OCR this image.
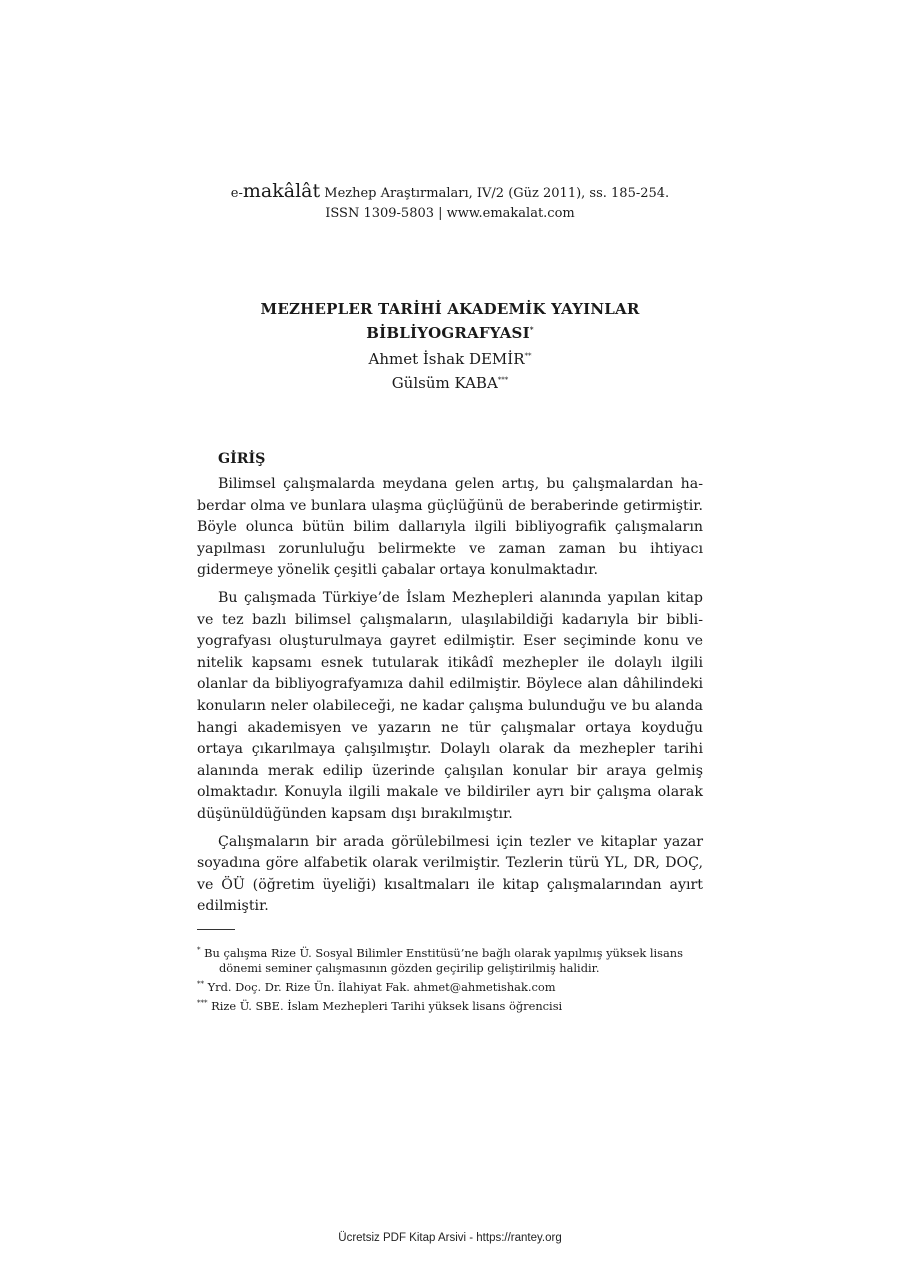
e-makâlât Mezhep Araştırmaları, IV/2 (Güz 2011), ss. 185-254.
ISSN 1309-5803 | www.emakalat.com
MEZHEPLER TARİHİ AKADEMİK YAYINLAR
BİBLİYOGRAFYASI*
Ahmet İshak DEMİR**
Gülsüm KABA***
GİRİŞ

Bilimsel çalışmalarda meydana gelen artış, bu çalışmalardan haberdar olma ve bunlara ulaşma güçlüğünü de beraberinde getirmiştir. Böyle olunca bütün bilim dallarıyla ilgili bibliyografik çalışmaların yapılması zorunluluğu belirmekte ve zaman zaman bu ihtiyacı gidermeye yönelik çeşitli çabalar ortaya konulmaktadır.

Bu çalışmada Türkiye’de İslam Mezhepleri alanında yapılan kitap ve tez bazlı bilimsel çalışmaların, ulaşılabildiği kadarıyla bir bibliyografyası oluşturulmaya gayret edilmiştir. Eser seçiminde konu ve nitelik kapsamı esnek tutularak itikâdî mezhepler ile dolaylı ilgili olanlar da bibliyografyamıza dahil edilmiştir. Böylece alan dâhilindeki konuların neler olabileceği, ne kadar çalışma bulunduğu ve bu alanda hangi akademisyen ve yazarın ne tür çalışmalar ortaya koyduğu ortaya çıkarılmaya çalışılmıştır. Dolaylı olarak da mezhepler tarihi alanında merak edilip üzerinde çalışılan konular bir araya gelmiş olmaktadır. Konuyla ilgili makale ve bildiriler ayrı bir çalışma olarak düşünüldüğünden kapsam dışı bırakılmıştır.

Çalışmaların bir arada görülebilmesi için tezler ve kitaplar yazar soyadına göre alfabetik olarak verilmiştir. Tezlerin türü YL, DR, DOÇ, ve ÖÜ (öğretim üyeliği) kısaltmaları ile kitap çalışmalarından ayırt edilmiştir.

* Bu çalışma Rize Ü. Sosyal Bilimler Enstitüsü’ne bağlı olarak yapılmış yüksek lisans dönemi seminer çalışmasının gözden geçirilip geliştirilmiş halidir.
** Yrd. Doç. Dr. Rize Ün. İlahiyat Fak. ahmet@ahmetishak.com
*** Rize Ü. SBE. İslam Mezhepleri Tarihi yüksek lisans öğrencisi
Ücretsiz PDF Kitap Arsivi - https://rantey.org
